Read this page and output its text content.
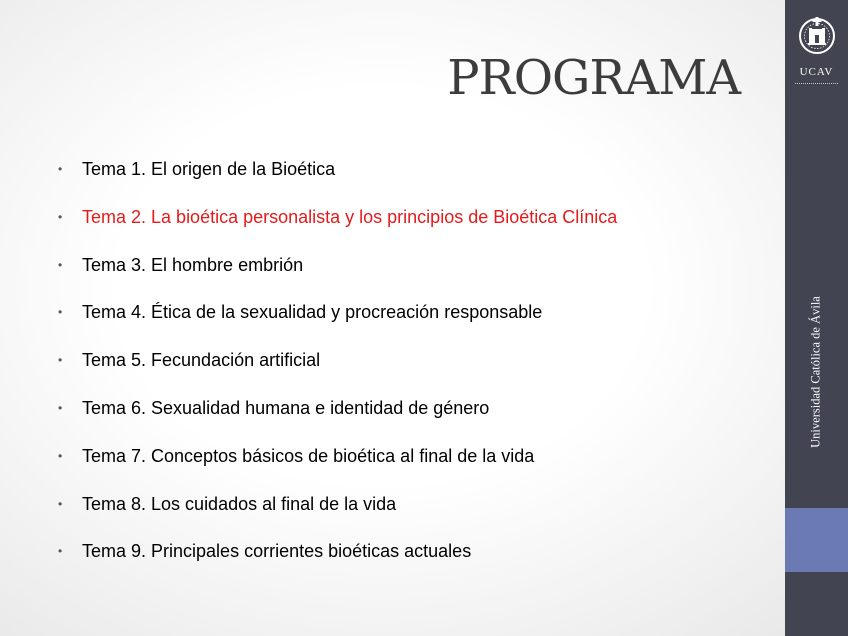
PROGRAMA
• Tema 1. El origen de la Bioética
• Tema 2. La bioética personalista y los principios de Bioética Clínica
• Tema 3. El hombre embrión
• Tema 4. Ética de la sexualidad y procreación responsable
• Tema 5. Fecundación artificial
• Tema 6. Sexualidad humana e identidad de género
• Tema 7. Conceptos básicos de bioética al final de la vida
• Tema 8. Los cuidados al final de la vida
• Tema 9. Principales corrientes bioéticas actuales
UCAV
Universidad Católica de Ávila
